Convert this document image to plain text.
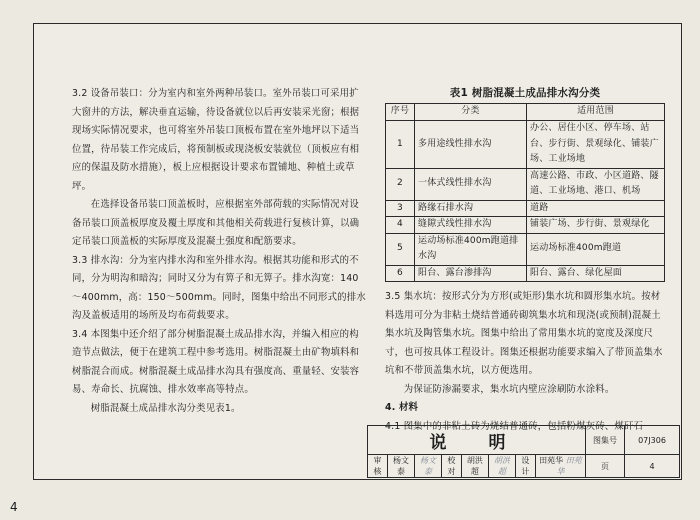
3.2 设备吊装口：分为室内和室外两种吊装口。室外吊装口可采用扩大窗井的方法，解决垂直运输，待设备就位以后再安装采光窗；根据现场实际情况要求，也可将室外吊装口顶板布置在室外地坪以下适当位置，待吊装工作完成后，将预制板或现浇板安装就位（顶板应有相应的保温及防水措施），板上应根据设计要求布置铺地、种植土或草坪。

在选择设备吊装口顶盖板时，应根据室外部荷载的实际情况对设备吊装口顶盖板厚度及覆土厚度和其他相关荷载进行复核计算，以确定吊装口顶盖板的实际厚度及混凝土强度和配筋要求。

3.3 排水沟：分为室内排水沟和室外排水沟。根据其功能和形式的不同，分为明沟和暗沟；同时又分为有箅子和无箅子。排水沟宽：140～400mm，高：150～500mm。同时，图集中给出不同形式的排水沟及盖板适用的场所及均布荷载要求。

3.4 本图集中还介绍了部分树脂混凝土成品排水沟，并编入相应的构造节点做法，便于在建筑工程中参考选用。树脂混凝土由矿物填料和树脂混合而成。树脂混凝土成品排水沟具有强度高、重量轻、安装容易、寿命长、抗腐蚀、排水效率高等特点。

树脂混凝土成品排水沟分类见表1。

表1 树脂混凝土成品排水沟分类
序号	分类	适用范围
1	多用途线性排水沟	办公、居住小区、停车场、站台、步行街、景观绿化、铺装广场、工业场地
2	一体式线性排水沟	高速公路、市政、小区道路、隧道、工业场地、港口、机场
3	路缘石排水沟	道路
4	缝隙式线性排水沟	铺装广场、步行街、景观绿化
5	运动场标准400m跑道排水沟	运动场标准400m跑道
6	阳台、露台渗排沟	阳台、露台、绿化屋面

3.5 集水坑：按形式分为方形(或矩形)集水坑和圆形集水坑。按材料选用可分为非粘土烧结普通砖砌筑集水坑和现浇(或预制)混凝土集水坑及陶管集水坑。图集中给出了常用集水坑的宽度及深度尺寸，也可按具体工程设计。图集还根据功能要求编入了带顶盖集水坑和不带顶盖集水坑，以方便选用。

为保证防渗漏要求，集水坑内壁应涂刷防水涂料。

4. 材料

4.1 图集中的非粘土砖为烧结普通砖，包括粉煤灰砖、煤矸石

说 明								图集号	07J306
审核	杨文泰	杨文泰	校对	胡洪超	胡洪超	设计	田苑华 田苑华	页	4
4
